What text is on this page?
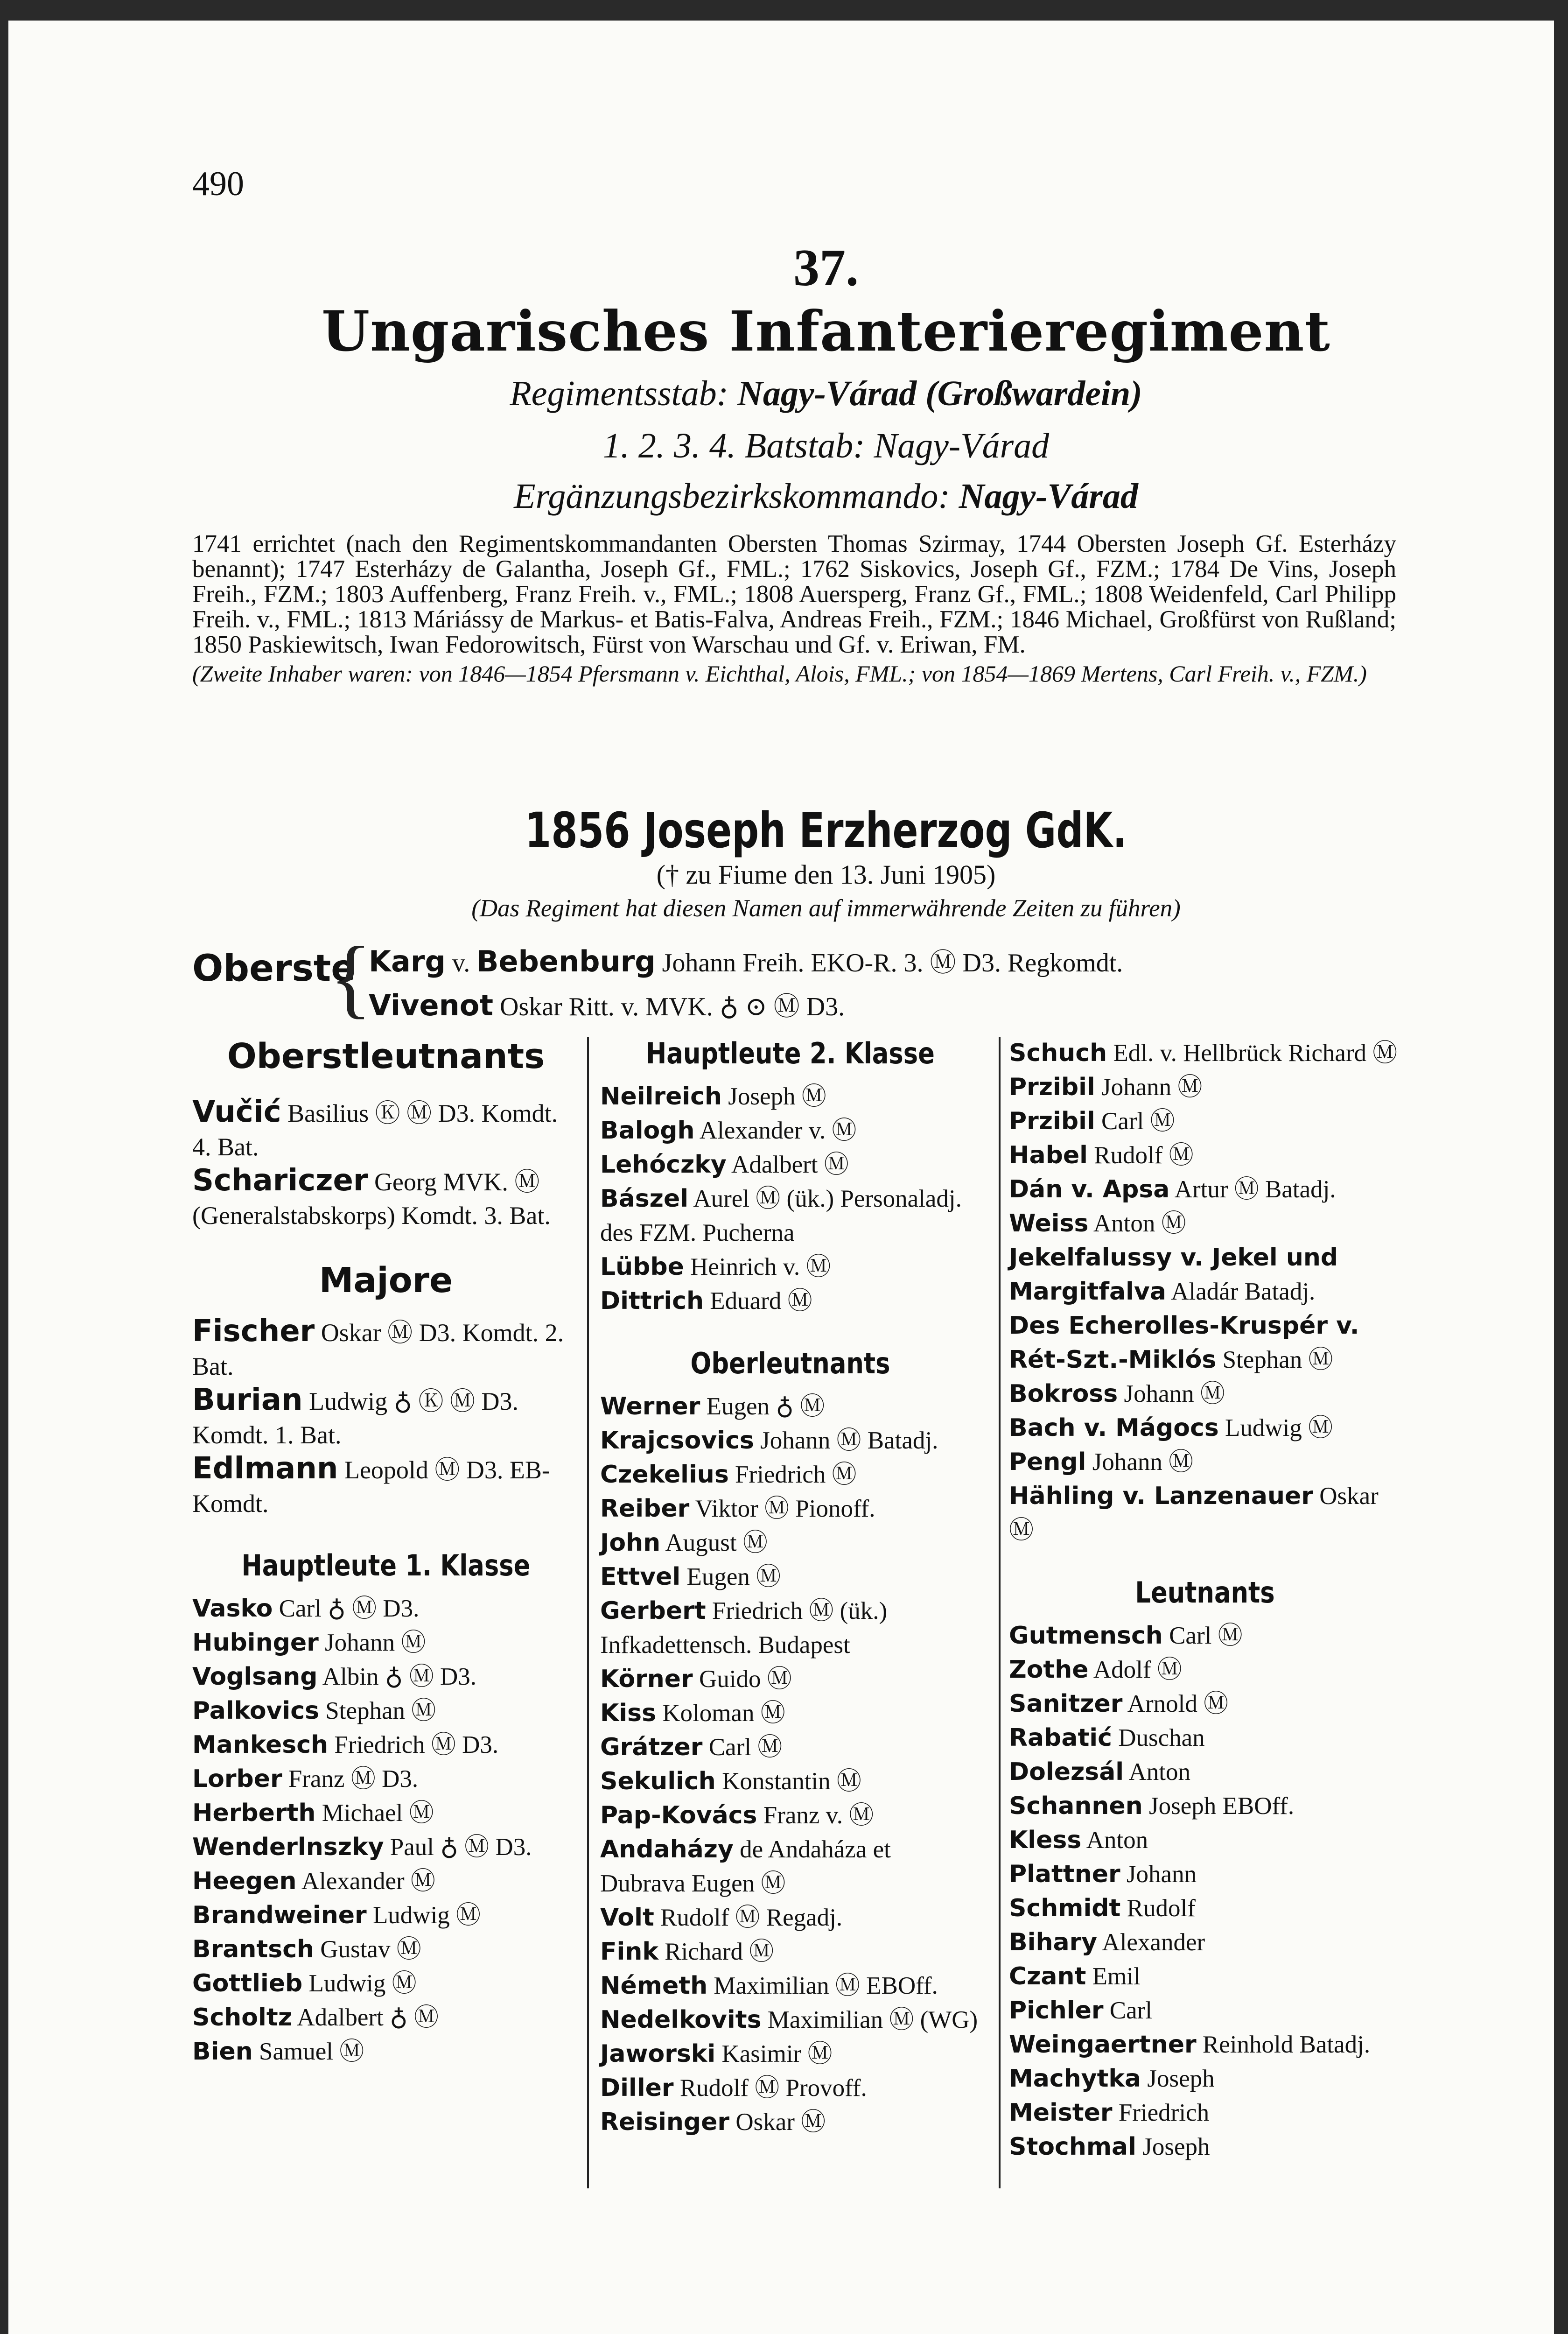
490
37.
Ungarisches Infanterieregiment
Regimentsstab: Nagy-Várad (Großwardein)
1. 2. 3. 4. Batstab: Nagy-Várad
Ergänzungsbezirkskommando: Nagy-Várad

1741 errichtet (nach den Regimentskommandanten Obersten Thomas Szirmay, 1744 Obersten Joseph Gf. Esterházy benannt); 1747 Esterházy de Galantha, Joseph Gf., FML.; 1762 Siskovics, Joseph Gf., FZM.; 1784 De Vins, Joseph Freih., FZM.; 1803 Auffenberg, Franz Freih. v., FML.; 1808 Auersperg, Franz Gf., FML.; 1808 Weidenfeld, Carl Philipp Freih. v., FML.; 1813 Máriássy de Markus- et Batis-Falva, Andreas Freih., FZM.; 1846 Michael, Großfürst von Rußland; 1850 Paskiewitsch, Iwan Fedorowitsch, Fürst von Warschau und Gf. v. Eriwan, FM.

(Zweite Inhaber waren: von 1846—1854 Pfersmann v. Eichthal, Alois, FML.; von 1854—1869 Mertens, Carl Freih. v., FZM.)

1856 Joseph Erzherzog GdK.
(† zu Fiume den 13. Juni 1905)
(Das Regiment hat diesen Namen auf immerwährende Zeiten zu führen)
Oberste
{
Karg v. Bebenburg Johann Freih. EKO-R. 3. Ⓜ D3. Regkomdt.
Vivenot Oskar Ritt. v. MVK. ♁ ⊙ Ⓜ D3.
Oberstleutnants
Vučić Basilius Ⓚ Ⓜ D3. Komdt. 4. Bat.
Schariczer Georg MVK. Ⓜ (Generalstabskorps) Komdt. 3. Bat.
Majore
Fischer Oskar Ⓜ D3. Komdt. 2. Bat.
Burian Ludwig ♁ Ⓚ Ⓜ D3. Komdt. 1. Bat.
Edlmann Leopold Ⓜ D3. EB-Komdt.
Hauptleute 1. Klasse
Vasko Carl ♁ Ⓜ D3.
Hubinger Johann Ⓜ
Voglsang Albin ♁ Ⓜ D3.
Palkovics Stephan Ⓜ
Mankesch Friedrich Ⓜ D3.
Lorber Franz Ⓜ D3.
Herberth Michael Ⓜ
Wenderlnszky Paul ♁ Ⓜ D3.
Heegen Alexander Ⓜ
Brandweiner Ludwig Ⓜ
Brantsch Gustav Ⓜ
Gottlieb Ludwig Ⓜ
Scholtz Adalbert ♁ Ⓜ
Bien Samuel Ⓜ
Hauptleute 2. Klasse
Neilreich Joseph Ⓜ
Balogh Alexander v. Ⓜ
Lehóczky Adalbert Ⓜ
Bászel Aurel Ⓜ (ük.) Personaladj. des FZM. Pucherna
Lübbe Heinrich v. Ⓜ
Dittrich Eduard Ⓜ
Oberleutnants
Werner Eugen ♁ Ⓜ
Krajcsovics Johann Ⓜ Batadj.
Czekelius Friedrich Ⓜ
Reiber Viktor Ⓜ Pionoff.
John August Ⓜ
Ettvel Eugen Ⓜ
Gerbert Friedrich Ⓜ (ük.) Infkadettensch. Budapest
Körner Guido Ⓜ
Kiss Koloman Ⓜ
Grátzer Carl Ⓜ
Sekulich Konstantin Ⓜ
Pap-Kovács Franz v. Ⓜ
Andaházy de Andaháza et Dubrava Eugen Ⓜ
Volt Rudolf Ⓜ Regadj.
Fink Richard Ⓜ
Németh Maximilian Ⓜ EBOff.
Nedelkovits Maximilian Ⓜ (WG)
Jaworski Kasimir Ⓜ
Diller Rudolf Ⓜ Provoff.
Reisinger Oskar Ⓜ
Schuch Edl. v. Hellbrück Richard Ⓜ
Przibil Johann Ⓜ
Przibil Carl Ⓜ
Habel Rudolf Ⓜ
Dán v. Apsa Artur Ⓜ Batadj.
Weiss Anton Ⓜ
Jekelfalussy v. Jekel und Margitfalva Aladár Batadj.
Des Echerolles-Kruspér v. Rét-Szt.-Miklós Stephan Ⓜ
Bokross Johann Ⓜ
Bach v. Mágocs Ludwig Ⓜ
Pengl Johann Ⓜ
Hähling v. Lanzenauer Oskar Ⓜ
Leutnants
Gutmensch Carl Ⓜ
Zothe Adolf Ⓜ
Sanitzer Arnold Ⓜ
Rabatić Duschan
Dolezsál Anton
Schannen Joseph EBOff.
Kless Anton
Plattner Johann
Schmidt Rudolf
Bihary Alexander
Czant Emil
Pichler Carl
Weingaertner Reinhold Batadj.
Machytka Joseph
Meister Friedrich
Stochmal Joseph
